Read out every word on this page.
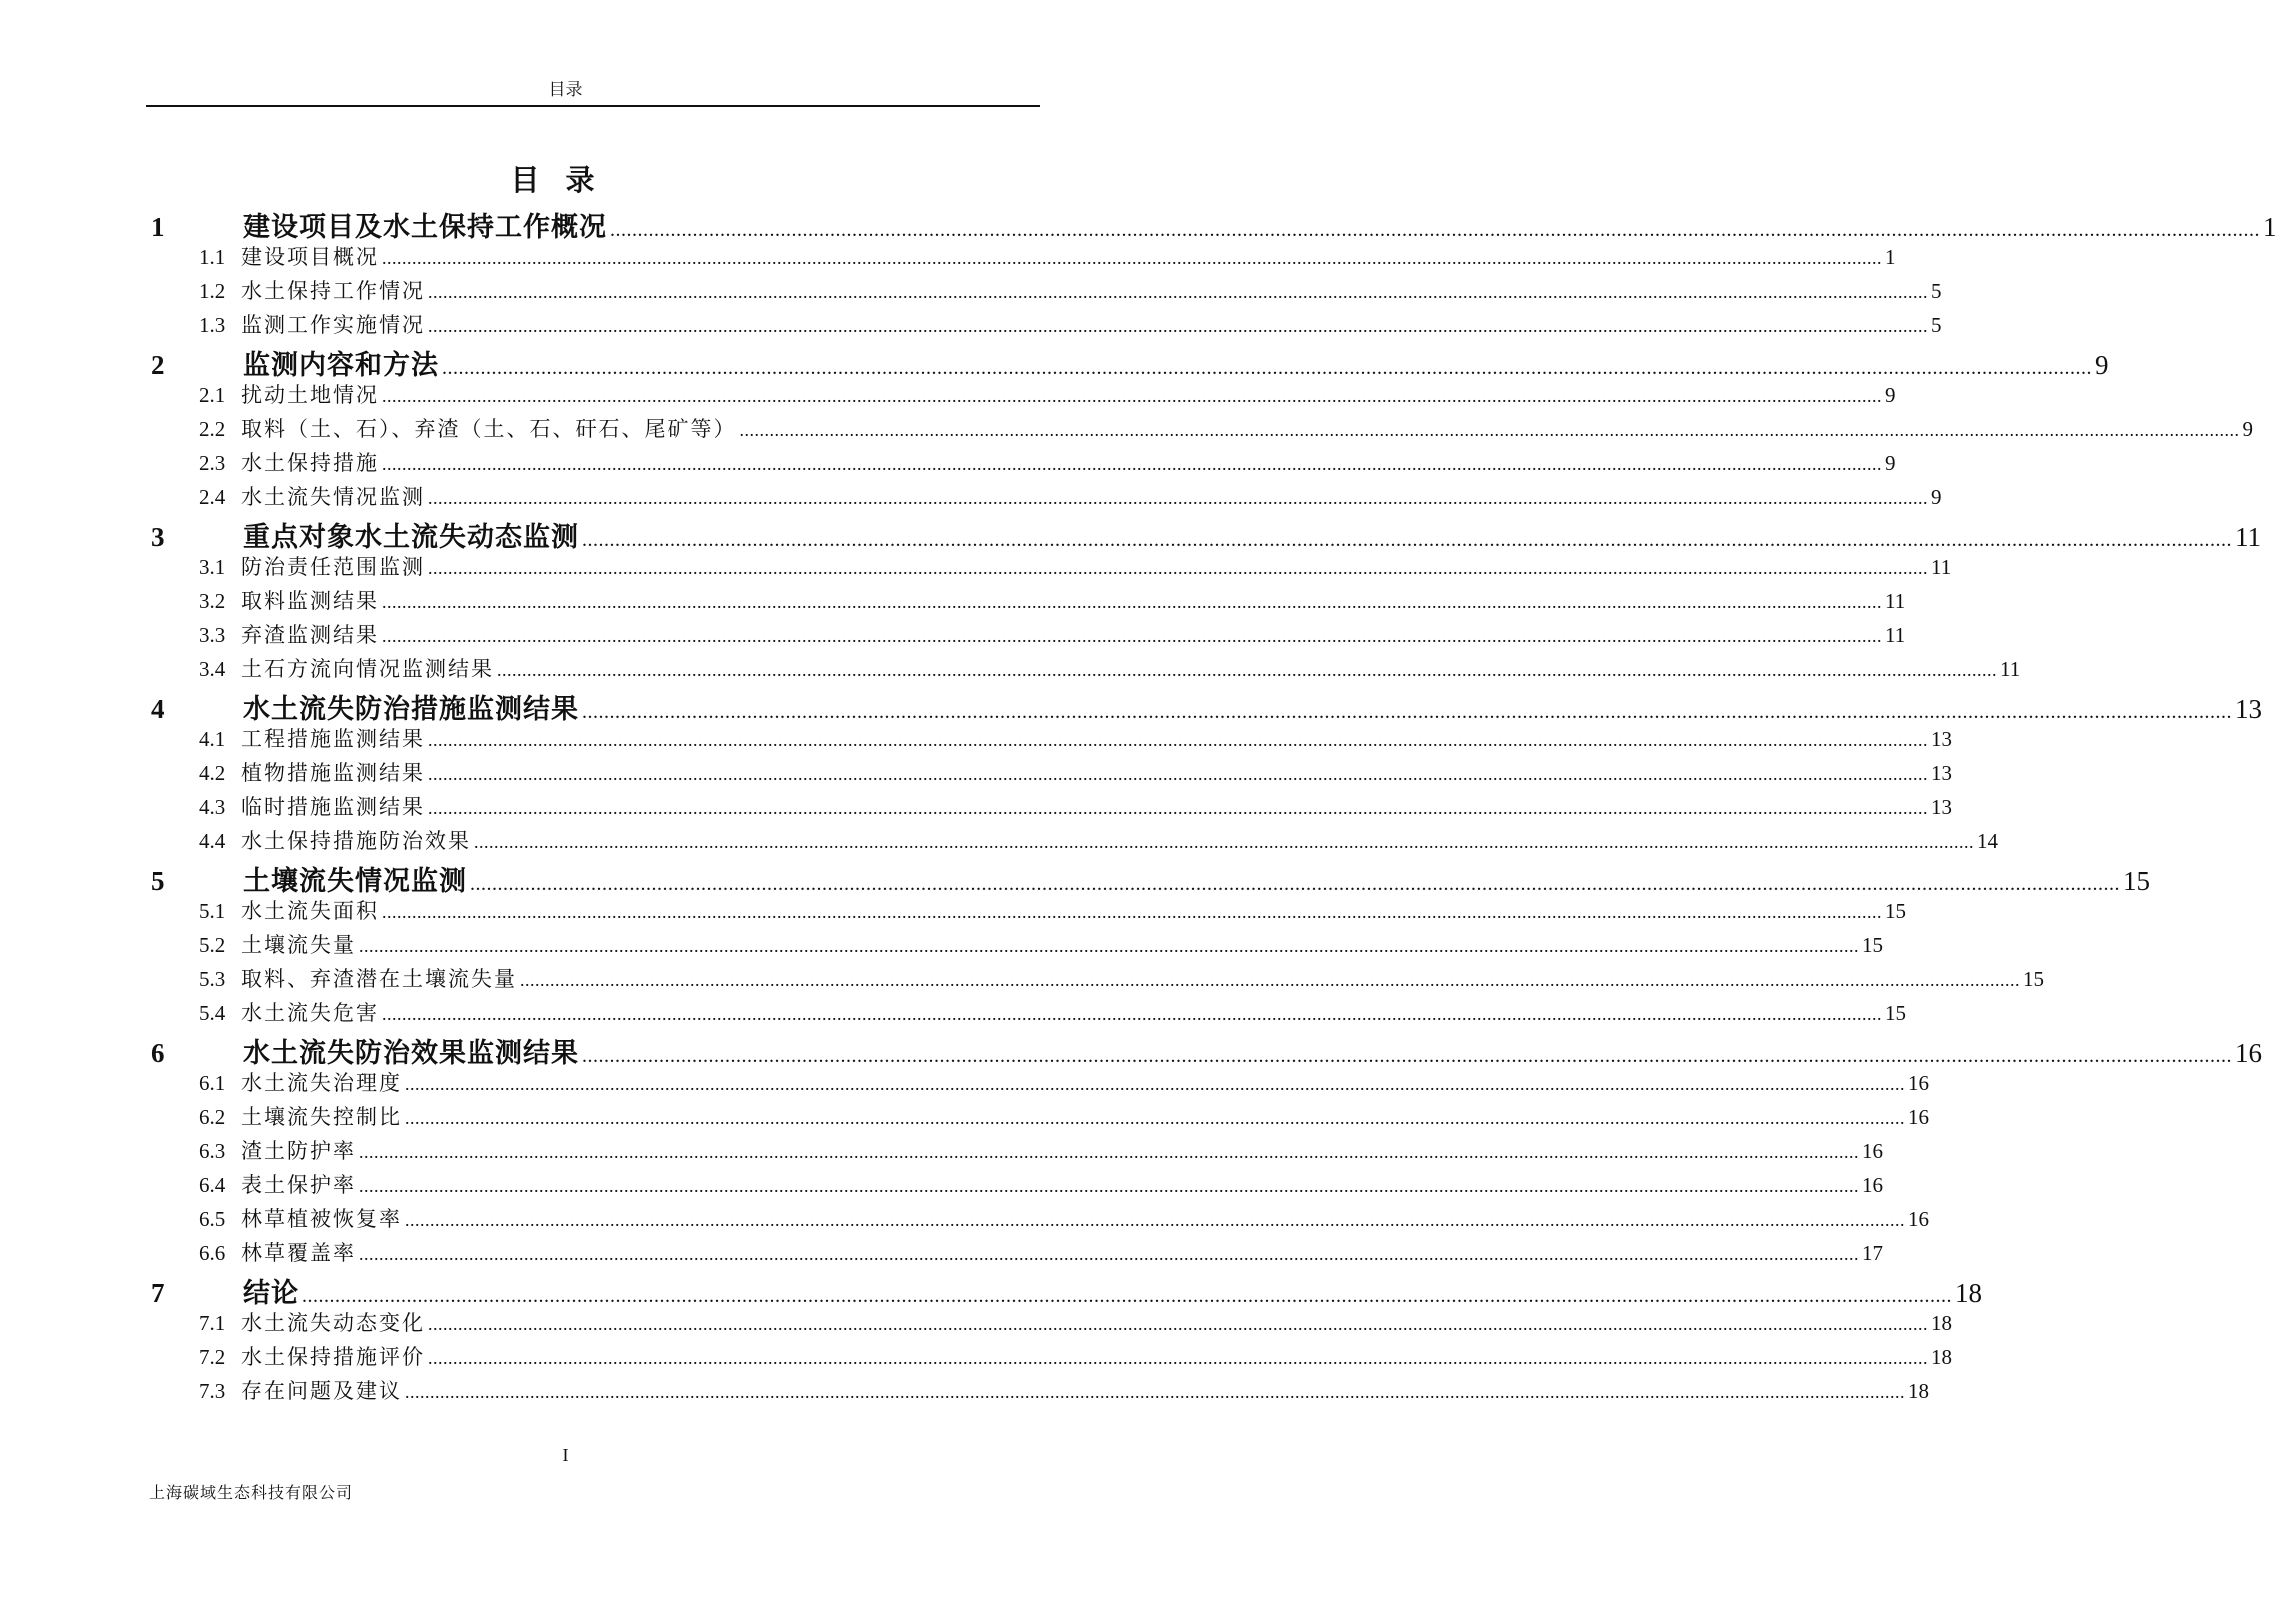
目录
目录
1	建设项目及水土保持工作概况 ............................................................................................................................................................................................................................................................................................................ 1
1.1 建设项目概况 ............................................................................................................................................................................................................................................................................................................ 1
1.2 水土保持工作情况 ............................................................................................................................................................................................................................................................................................................ 5
1.3 监测工作实施情况 ............................................................................................................................................................................................................................................................................................................ 5
2	监测内容和方法 ............................................................................................................................................................................................................................................................................................................ 9
2.1 扰动土地情况 ............................................................................................................................................................................................................................................................................................................ 9
2.2 取料（土、石）、弃渣（土、石、矸石、尾矿等） ............................................................................................................................................................................................................................................................................................................ 9
2.3 水土保持措施 ............................................................................................................................................................................................................................................................................................................ 9
2.4 水土流失情况监测 ............................................................................................................................................................................................................................................................................................................ 9
3	重点对象水土流失动态监测 ............................................................................................................................................................................................................................................................................................................ 11
3.1 防治责任范围监测 ............................................................................................................................................................................................................................................................................................................ 11
3.2 取料监测结果 ............................................................................................................................................................................................................................................................................................................ 11
3.3 弃渣监测结果 ............................................................................................................................................................................................................................................................................................................ 11
3.4 土石方流向情况监测结果 ............................................................................................................................................................................................................................................................................................................ 11
4	水土流失防治措施监测结果 ............................................................................................................................................................................................................................................................................................................ 13
4.1 工程措施监测结果 ............................................................................................................................................................................................................................................................................................................ 13
4.2 植物措施监测结果 ............................................................................................................................................................................................................................................................................................................ 13
4.3 临时措施监测结果 ............................................................................................................................................................................................................................................................................................................ 13
4.4 水土保持措施防治效果 ............................................................................................................................................................................................................................................................................................................ 14
5	土壤流失情况监测 ............................................................................................................................................................................................................................................................................................................ 15
5.1 水土流失面积 ............................................................................................................................................................................................................................................................................................................ 15
5.2 土壤流失量 ............................................................................................................................................................................................................................................................................................................ 15
5.3 取料、弃渣潜在土壤流失量 ............................................................................................................................................................................................................................................................................................................ 15
5.4 水土流失危害 ............................................................................................................................................................................................................................................................................................................ 15
6	水土流失防治效果监测结果 ............................................................................................................................................................................................................................................................................................................ 16
6.1 水土流失治理度 ............................................................................................................................................................................................................................................................................................................ 16
6.2 土壤流失控制比 ............................................................................................................................................................................................................................................................................................................ 16
6.3 渣土防护率 ............................................................................................................................................................................................................................................................................................................ 16
6.4 表土保护率 ............................................................................................................................................................................................................................................................................................................ 16
6.5 林草植被恢复率 ............................................................................................................................................................................................................................................................................................................ 16
6.6 林草覆盖率 ............................................................................................................................................................................................................................................................................................................ 17
7	结论 ............................................................................................................................................................................................................................................................................................................ 18
7.1 水土流失动态变化 ............................................................................................................................................................................................................................................................................................................ 18
7.2 水土保持措施评价 ............................................................................................................................................................................................................................................................................................................ 18
7.3 存在问题及建议 ............................................................................................................................................................................................................................................................................................................ 18
I
上海碳域生态科技有限公司
